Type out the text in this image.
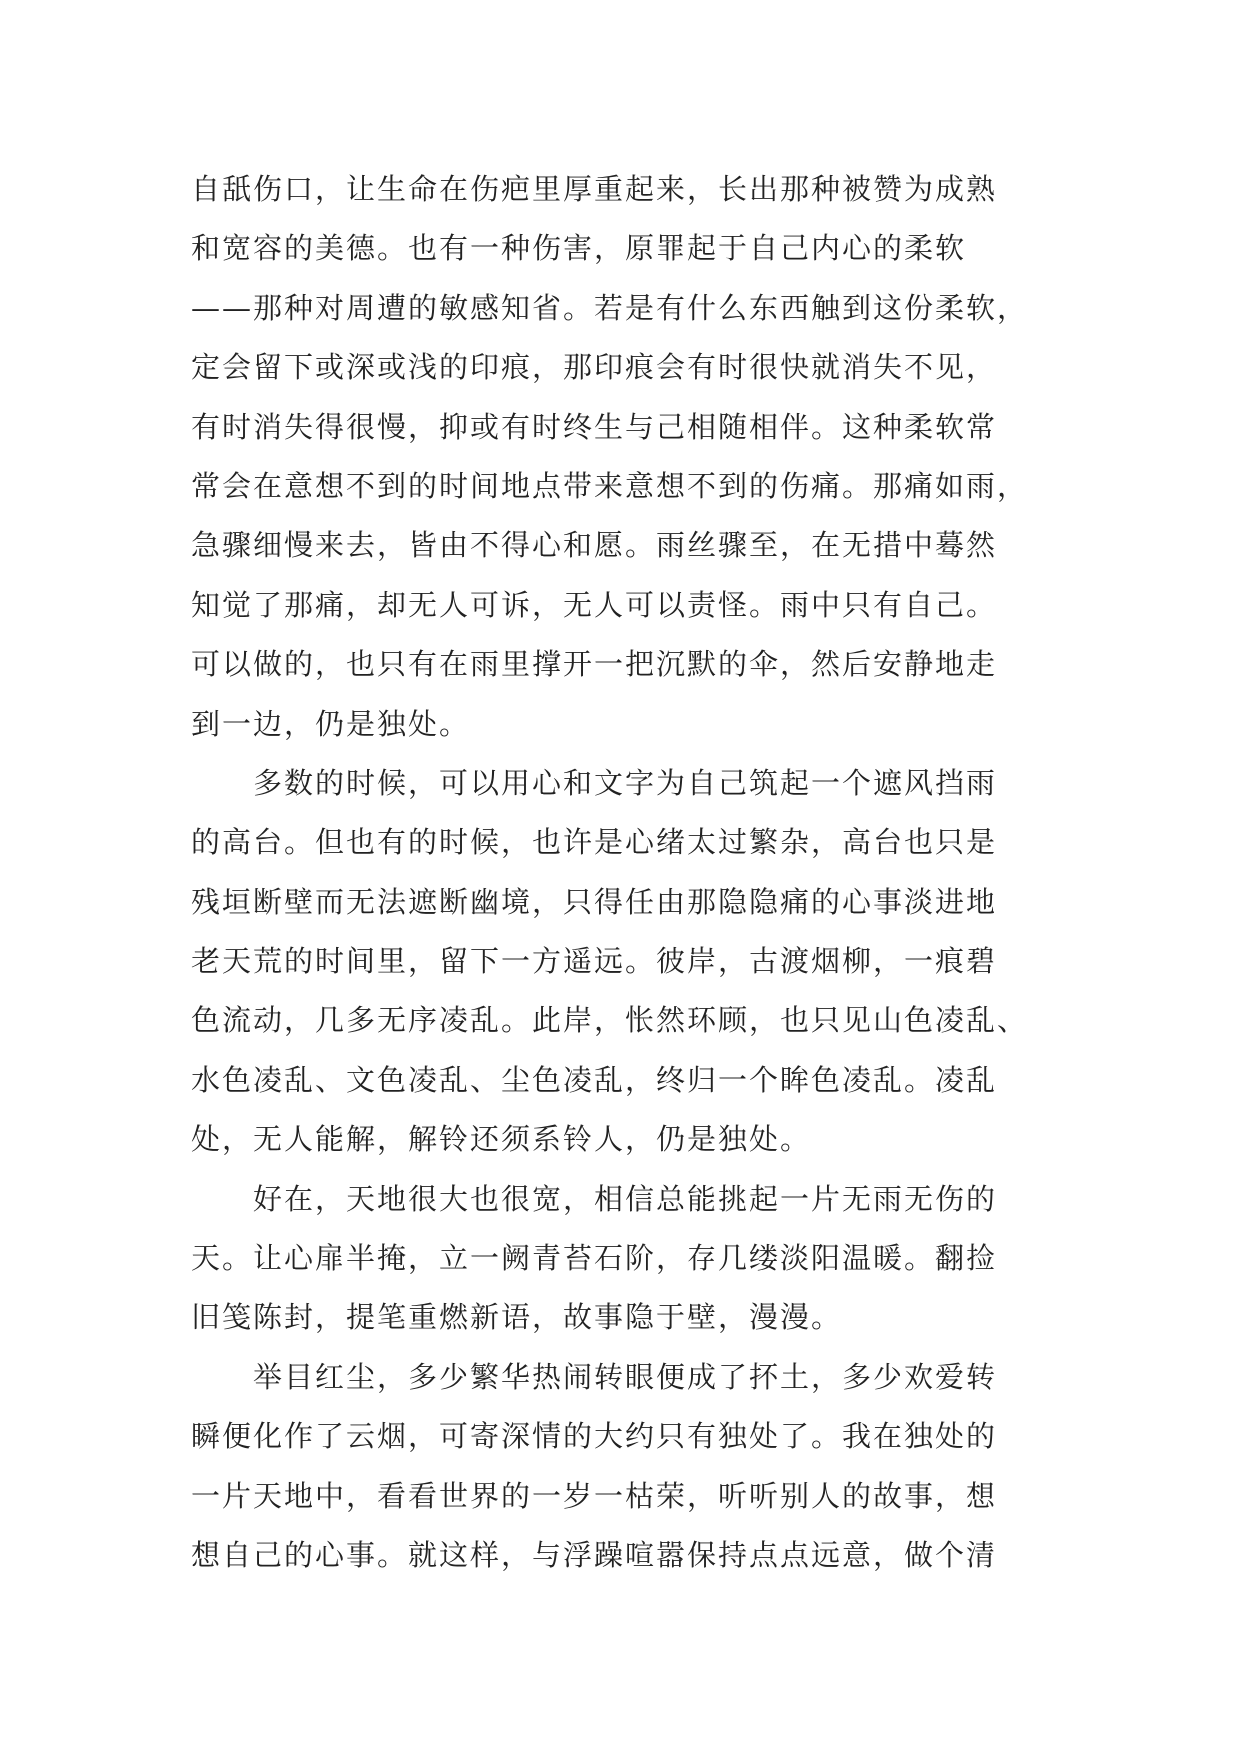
自舐伤口，让生命在伤疤里厚重起来，长出那种被赞为成熟
和宽容的美德。也有一种伤害，原罪起于自己内心的柔软
——那种对周遭的敏感知省。若是有什么东西触到这份柔软，
定会留下或深或浅的印痕，那印痕会有时很快就消失不见，
有时消失得很慢，抑或有时终生与己相随相伴。这种柔软常
常会在意想不到的时间地点带来意想不到的伤痛。那痛如雨，
急骤细慢来去，皆由不得心和愿。雨丝骤至，在无措中蓦然
知觉了那痛，却无人可诉，无人可以责怪。雨中只有自己。
可以做的，也只有在雨里撑开一把沉默的伞，然后安静地走
到一边，仍是独处。
　　多数的时候，可以用心和文字为自己筑起一个遮风挡雨
的高台。但也有的时候，也许是心绪太过繁杂，高台也只是
残垣断壁而无法遮断幽境，只得任由那隐隐痛的心事淡进地
老天荒的时间里，留下一方遥远。彼岸，古渡烟柳，一痕碧
色流动，几多无序凌乱。此岸，怅然环顾，也只见山色凌乱、
水色凌乱、文色凌乱、尘色凌乱，终归一个眸色凌乱。凌乱
处，无人能解，解铃还须系铃人，仍是独处。
　　好在，天地很大也很宽，相信总能挑起一片无雨无伤的
天。让心扉半掩，立一阙青苔石阶，存几缕淡阳温暖。翻捡
旧笺陈封，提笔重燃新语，故事隐于壁，漫漫。
　　举目红尘，多少繁华热闹转眼便成了抔土，多少欢爱转
瞬便化作了云烟，可寄深情的大约只有独处了。我在独处的
一片天地中，看看世界的一岁一枯荣，听听别人的故事，想
想自己的心事。就这样，与浮躁喧嚣保持点点远意，做个清
